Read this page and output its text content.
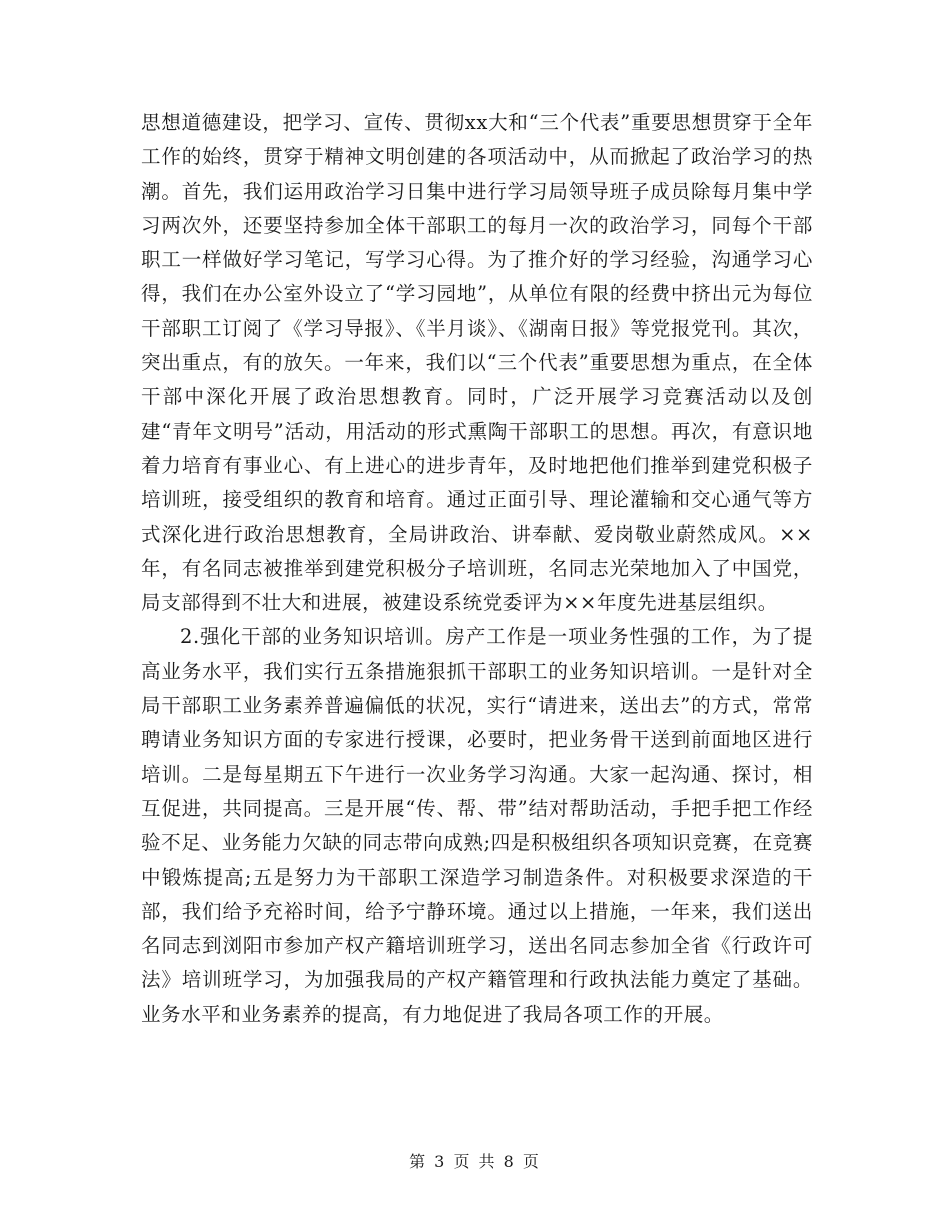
思想道德建设，把学习、宣传、贯彻xx大和“三个代表”重要思想贯穿于全年工作的始终，贯穿于精神文明创建的各项活动中，从而掀起了政治学习的热潮。首先，我们运用政治学习日集中进行学习局领导班子成员除每月集中学习两次外，还要坚持参加全体干部职工的每月一次的政治学习，同每个干部职工一样做好学习笔记，写学习心得。为了推介好的学习经验，沟通学习心得，我们在办公室外设立了“学习园地”，从单位有限的经费中挤出元为每位干部职工订阅了《学习导报》、《半月谈》、《湖南日报》等党报党刊。其次，突出重点，有的放矢。一年来，我们以“三个代表”重要思想为重点，在全体干部中深化开展了政治思想教育。同时，广泛开展学习竞赛活动以及创建“青年文明号”活动，用活动的形式熏陶干部职工的思想。再次，有意识地着力培育有事业心、有上进心的进步青年，及时地把他们推举到建党积极子培训班，接受组织的教育和培育。通过正面引导、理论灌输和交心通气等方式深化进行政治思想教育，全局讲政治、讲奉献、爱岗敬业蔚然成风。××年，有名同志被推举到建党积极分子培训班，名同志光荣地加入了中国党，局支部得到不壮大和进展，被建设系统党委评为××年度先进基层组织。

2.强化干部的业务知识培训。房产工作是一项业务性强的工作，为了提高业务水平，我们实行五条措施狠抓干部职工的业务知识培训。一是针对全局干部职工业务素养普遍偏低的状况，实行“请进来，送出去”的方式，常常聘请业务知识方面的专家进行授课，必要时，把业务骨干送到前面地区进行培训。二是每星期五下午进行一次业务学习沟通。大家一起沟通、探讨，相互促进，共同提高。三是开展“传、帮、带”结对帮助活动，手把手把工作经验不足、业务能力欠缺的同志带向成熟;四是积极组织各项知识竞赛，在竞赛中锻炼提高;五是努力为干部职工深造学习制造条件。对积极要求深造的干部，我们给予充裕时间，给予宁静环境。通过以上措施，一年来，我们送出名同志到浏阳市参加产权产籍培训班学习，送出名同志参加全省《行政许可法》培训班学习，为加强我局的产权产籍管理和行政执法能力奠定了基础。业务水平和业务素养的提高，有力地促进了我局各项工作的开展。

第 3 页 共 8 页
